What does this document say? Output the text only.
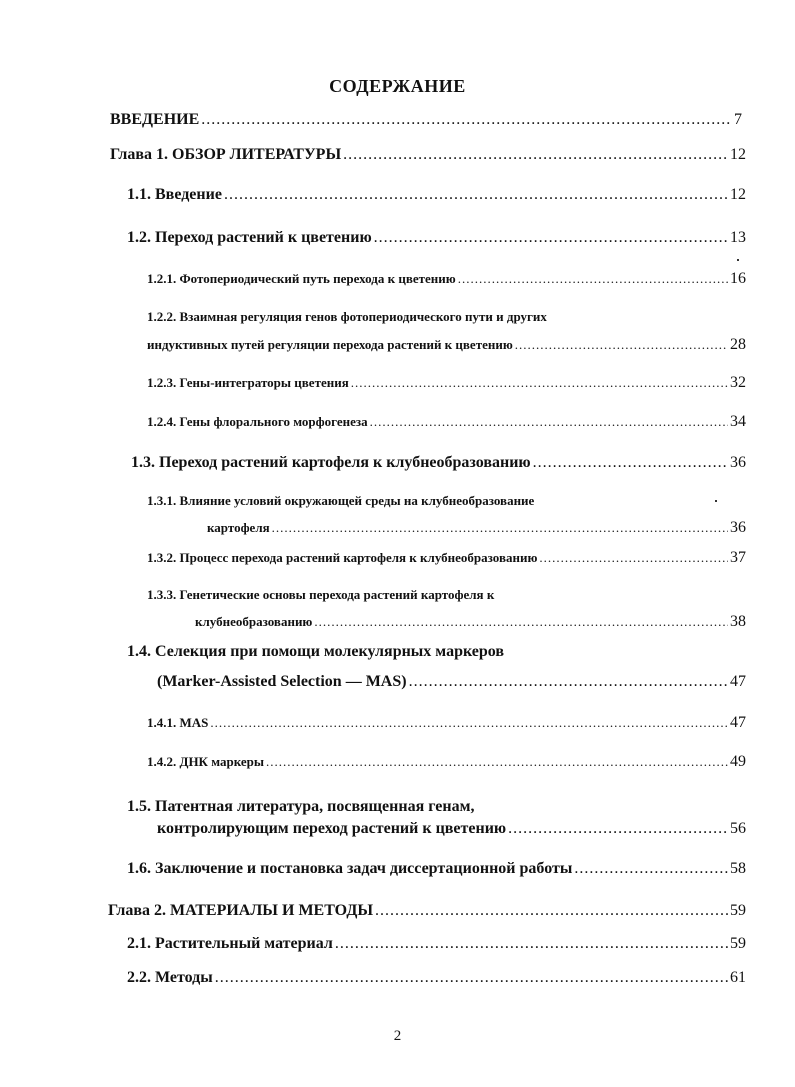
СОДЕРЖАНИЕ
ВВЕДЕНИЕ .....	7
Глава 1. ОБЗОР ЛИТЕРАТУРЫ .....	12
1.1. Введение .....	12
1.2. Переход растений к цветению .....	13
1.2.1. Фотопериодический путь перехода к цветению .....	16
1.2.2. Взаимная регуляция генов фотопериодического пути и других
индуктивных путей регуляции перехода растений к цветению .....	28
1.2.3. Гены-интеграторы цветения .....	32
1.2.4. Гены флорального морфогенеза .....	34
1.3. Переход растений картофеля к клубнеобразованию .....	36
1.3.1. Влияние условий окружающей среды на клубнеобразование
картофеля .....	36
1.3.2. Процесс перехода растений картофеля к клубнеобразованию .....	37
1.3.3. Генетические основы перехода растений картофеля к
клубнеобразованию .....	38
1.4. Селекция при помощи молекулярных маркеров
(Marker-Assisted Selection — MAS) .....	47
1.4.1. MAS .....	47
1.4.2. ДНК маркеры .....	49
1.5. Патентная литература, посвященная генам,
контролирующим переход растений к цветению .....	56
1.6. Заключение и постановка задач диссертационной работы .....	58
Глава 2. МАТЕРИАЛЫ И МЕТОДЫ .....	59
2.1. Растительный материал .....	59
2.2. Методы .....	61
2
